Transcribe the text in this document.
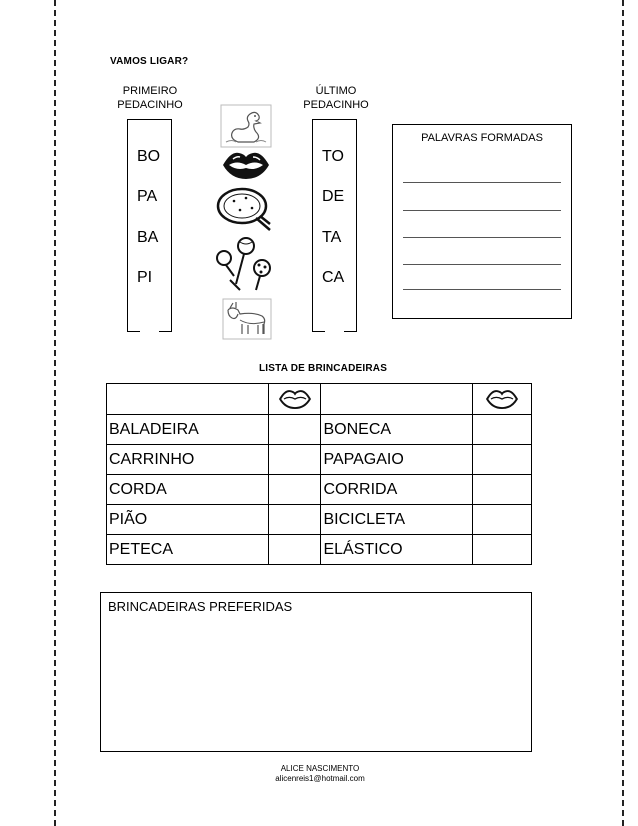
VAMOS LIGAR?
PRIMEIRO
PEDACINHO
ÚLTIMO
PEDACINHO
BO
PA
BA
PI
TO
DE
TA
CA
PALAVRAS FORMADAS
LISTA DE BRINCADEIRAS

BALADEIRA		BONECA	
CARRINHO		PAPAGAIO	
CORDA		CORRIDA	
PIÃO		BICICLETA	
PETECA		ELÁSTICO	
BRINCADEIRAS PREFERIDAS
ALICE NASCIMENTO
alicenreis1@hotmail.com
